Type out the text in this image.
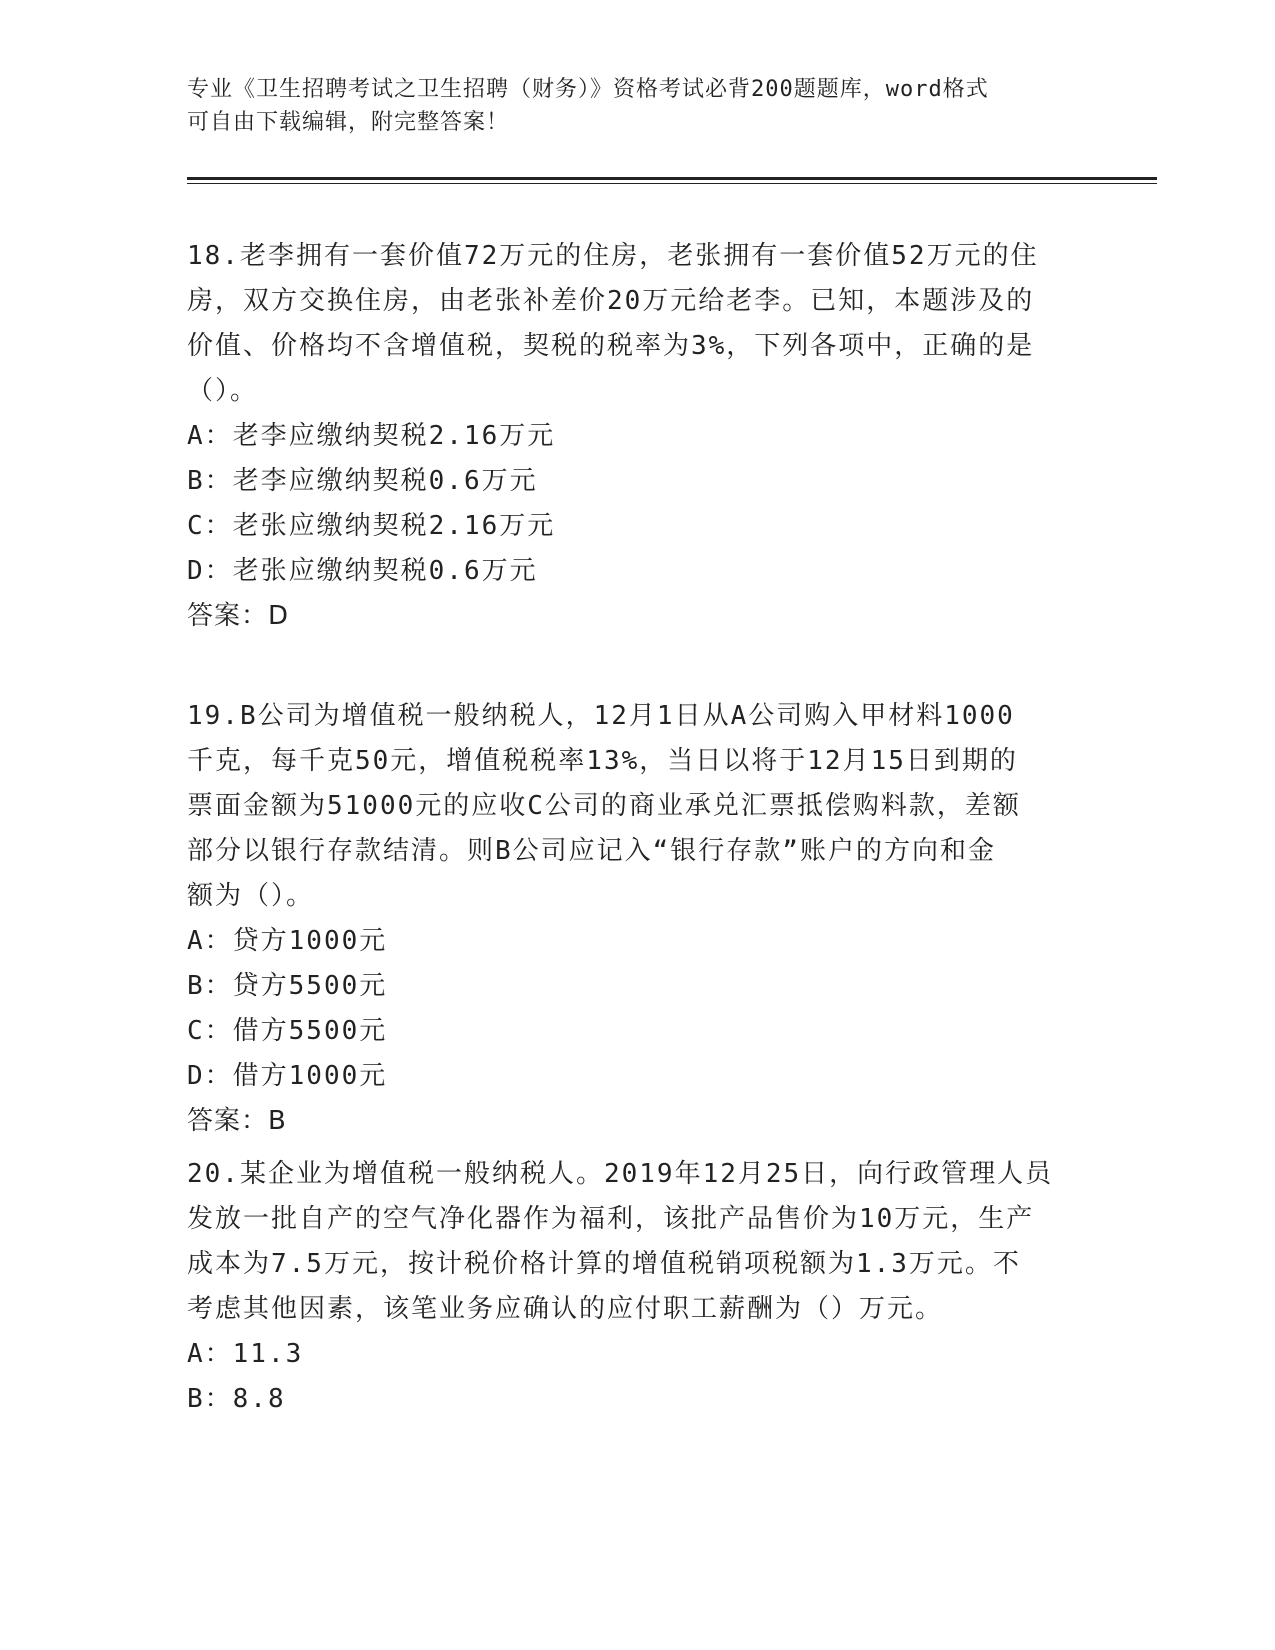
专业《卫生招聘考试之卫生招聘（财务）》资格考试必背200题题库，word格式
可自由下载编辑，附完整答案！

18.老李拥有一套价值72万元的住房，老张拥有一套价值52万元的住

房，双方交换住房，由老张补差价20万元给老李。已知，本题涉及的

价值、价格均不含增值税，契税的税率为3%，下列各项中，正确的是

（）。

A：老李应缴纳契税2.16万元

B：老李应缴纳契税0.6万元

C：老张应缴纳契税2.16万元

D：老张应缴纳契税0.6万元

答案：D

19.B公司为增值税一般纳税人，12月1日从A公司购入甲材料1000

千克，每千克50元，增值税税率13%，当日以将于12月15日到期的

票面金额为51000元的应收C公司的商业承兑汇票抵偿购料款，差额

部分以银行存款结清。则B公司应记入“银行存款”账户的方向和金

额为（）。

A：贷方1000元

B：贷方5500元

C：借方5500元

D：借方1000元

答案：B

20.某企业为增值税一般纳税人。2019年12月25日，向行政管理人员

发放一批自产的空气净化器作为福利，该批产品售价为10万元，生产

成本为7.5万元，按计税价格计算的增值税销项税额为1.3万元。不

考虑其他因素，该笔业务应确认的应付职工薪酬为（）万元。

A：11.3

B：8.8
